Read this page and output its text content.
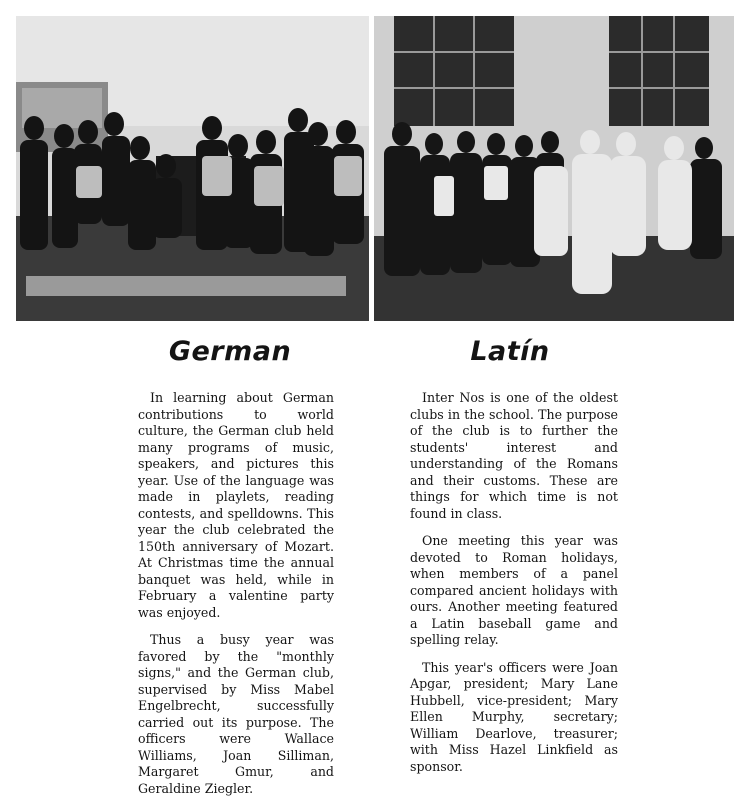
German	Latín

In learning about German contributions to world culture, the German club held many programs of music, speakers, and pictures this year. Use of the language was made in playlets, reading contests, and spelldowns. This year the club celebrated the 150th anniversary of Mozart. At Christmas time the annual banquet was held, while in February a valentine party was enjoyed.

Thus a busy year was favored by the "monthly signs," and the German club, supervised by Miss Mabel Engelbrecht, successfully carried out its purpose. The officers were Wallace Williams, Joan Silliman, Margaret Gmur, and Geraldine Ziegler.

Inter Nos is one of the oldest clubs in the school. The purpose of the club is to further the students' interest and understanding of the Romans and their customs. These are things for which time is not found in class.

One meeting this year was devoted to Roman holidays, when members of a panel compared ancient holidays with ours. Another meeting featured a Latin baseball game and spelling relay.

This year's officers were Joan Apgar, president; Mary Lane Hubbell, vice-president; Mary Ellen Murphy, secretary; William Dearlove, treasurer; with Miss Hazel Linkfield as sponsor.
